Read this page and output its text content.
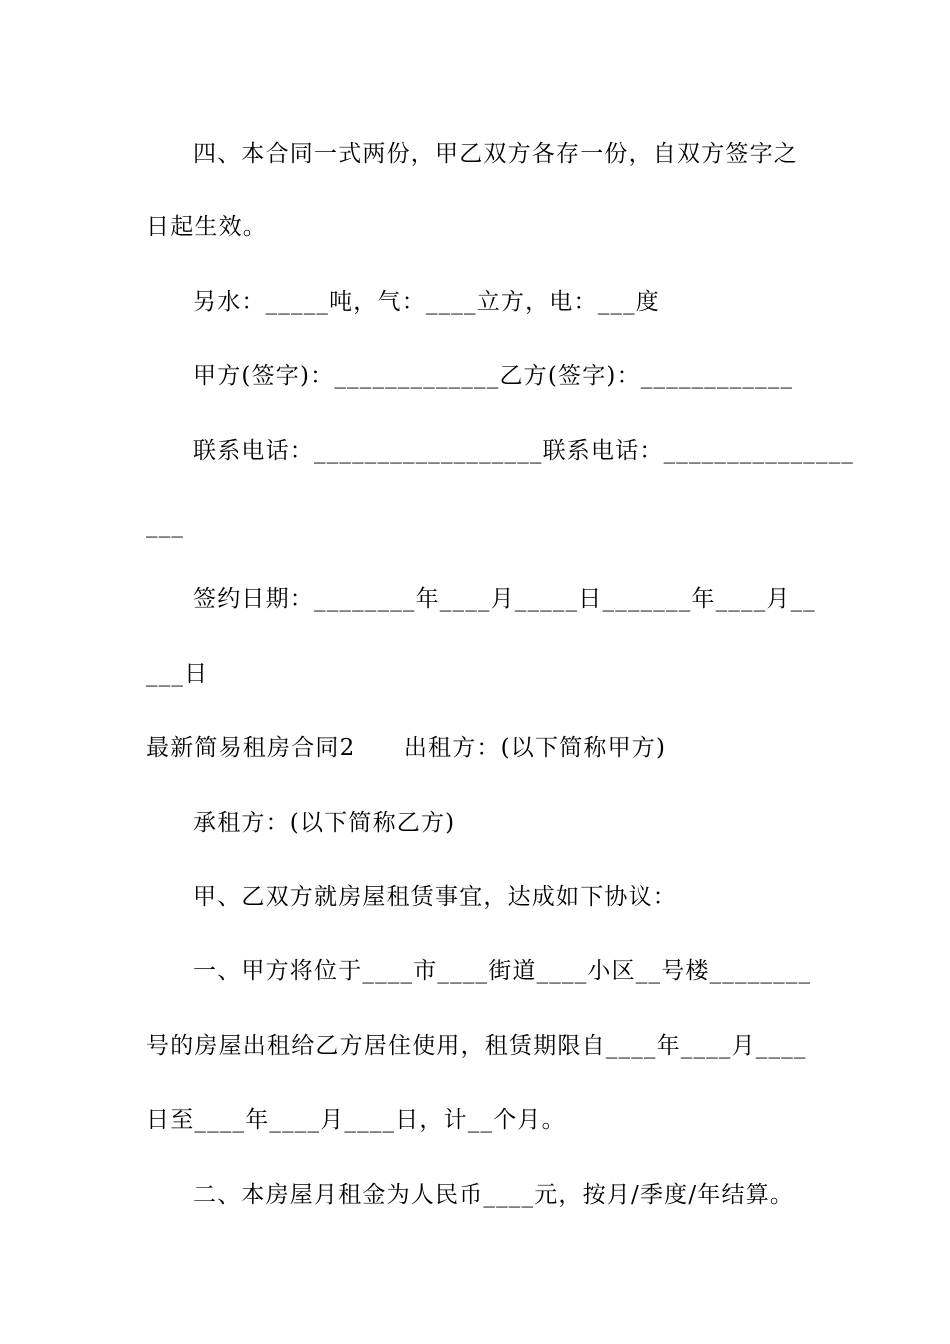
四、本合同一式两份，甲乙双方各存一份，自双方签字之
日起生效。
另水：_____吨，气：____立方，电：___度
甲方(签字)：_____________乙方(签字)：____________
联系电话：__________________联系电话：_______________
___
签约日期：________年____月_____日_______年____月__
___日
最新简易租房合同2　　出租方：(以下简称甲方)
承租方：(以下简称乙方)
甲、乙双方就房屋租赁事宜，达成如下协议：
一、甲方将位于____市____街道____小区__号楼________
号的房屋出租给乙方居住使用，租赁期限自____年____月____
日至____年____月____日，计__个月。
二、本房屋月租金为人民币____元，按月/季度/年结算。
